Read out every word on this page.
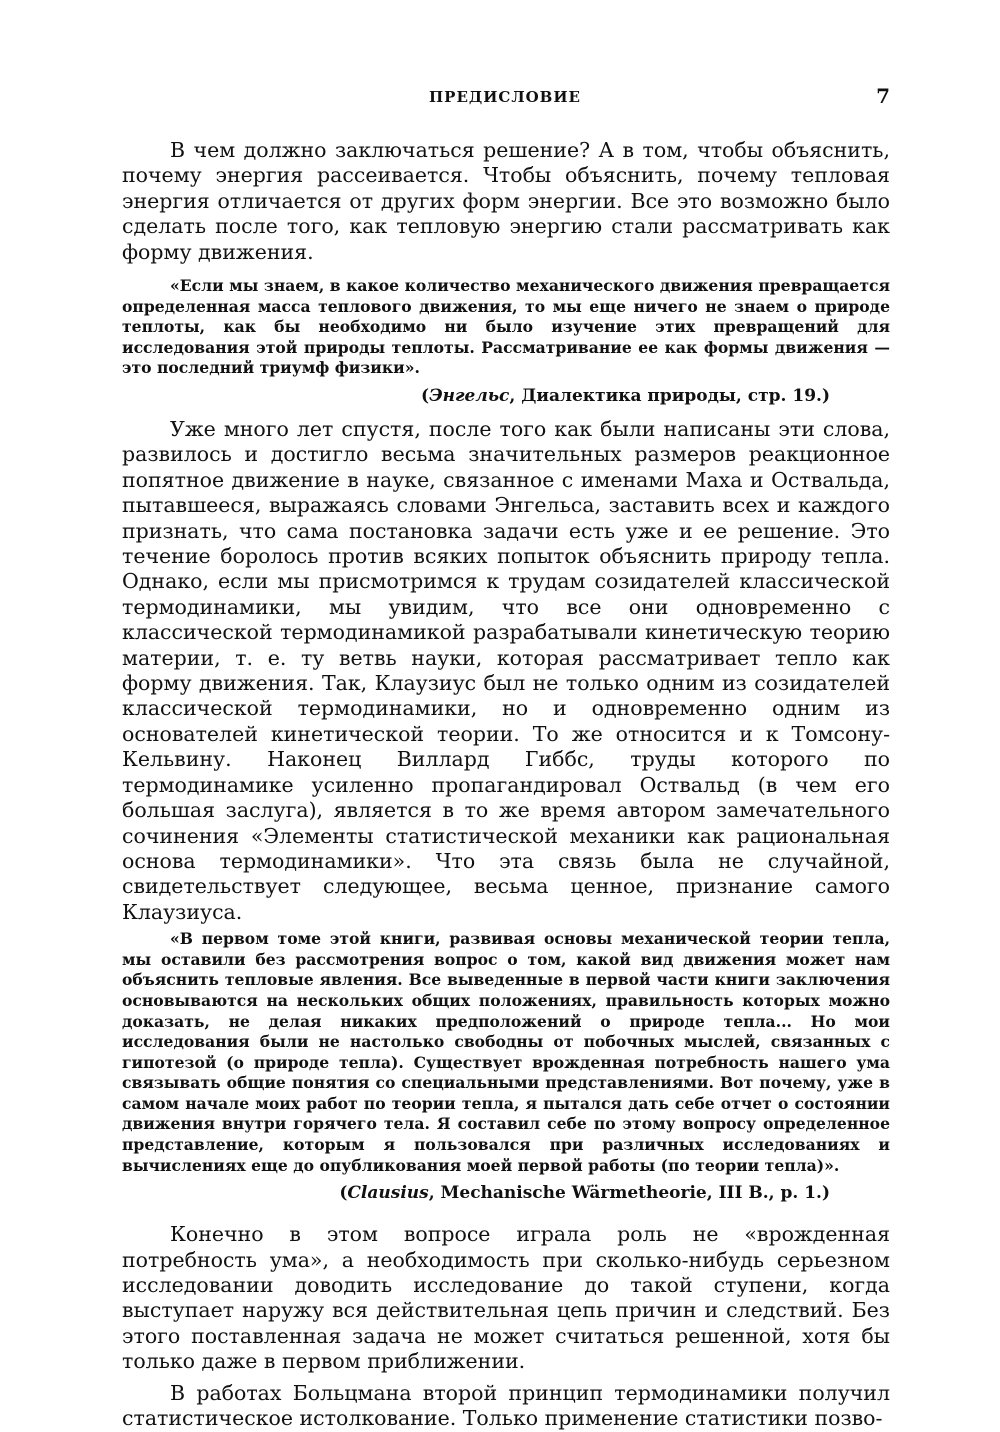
ПРЕДИСЛОВИЕ	7

В чем должно заключаться решение? А в том, чтобы объяснить, почему энергия рассеивается. Чтобы объяснить, почему тепловая энергия отличается от других форм энергии. Все это возможно было сделать после того, как тепловую энергию стали рассматривать как форму движения.

«Если мы знаем, в какое количество механического движения превращается определенная масса теплового движения, то мы еще ничего не знаем о природе теплоты, как бы необходимо ни было изучение этих превращений для исследования этой природы теплоты. Рассматривание ее как формы движения — это последний триумф физики».

(Энгельс, Диалектика природы, стр. 19.)

Уже много лет спустя, после того как были написаны эти слова, развилось и достигло весьма значительных размеров реакционное попятное движение в науке, связанное с именами Маха и Оствальда, пытавшееся, выражаясь словами Энгельса, заставить всех и каждого признать, что сама постановка задачи есть уже и ее решение. Это течение боролось против всяких попыток объяснить природу тепла. Однако, если мы присмотримся к трудам созидателей классической термодинамики, мы увидим, что все они одновременно с классической термодинамикой разрабатывали кинетическую теорию материи, т. е. ту ветвь науки, которая рассматривает тепло как форму движения. Так, Клаузиус был не только одним из созидателей классической термодинамики, но и одновременно одним из основателей кинетической теории. То же относится и к Томсону-Кельвину. Наконец Виллард Гиббс, труды которого по термодинамике усиленно пропагандировал Оствальд (в чем его большая заслуга), является в то же время автором замечательного сочинения «Элементы статистической механики как рациональная основа термодинамики». Что эта связь была не случайной, свидетельствует следующее, весьма ценное, признание самого Клаузиуса.

«В первом томе этой книги, развивая основы механической теории тепла, мы оставили без рассмотрения вопрос о том, какой вид движения может нам объяснить тепловые явления. Все выведенные в первой части книги заключения основываются на нескольких общих положениях, правильность которых можно доказать, не делая никаких предположений о природе тепла... Но мои исследования были не настолько свободны от побочных мыслей, связанных с гипотезой (о природе тепла). Существует врожденная потребность нашего ума связывать общие понятия со специальными представлениями. Вот почему, уже в самом начале моих работ по теории тепла, я пытался дать себе отчет о состоянии движения внутри горячего тела. Я составил себе по этому вопросу определенное представление, которым я пользовался при различных исследованиях и вычислениях еще до опубликования моей первой работы (по теории тепла)».

(Clausius, Mechanische Wärmetheorie, III B., p. 1.)

Конечно в этом вопросе играла роль не «врожденная потребность ума», а необходимость при сколько-нибудь серьезном исследовании доводить исследование до такой ступени, когда выступает наружу вся действительная цепь причин и следствий. Без этого поставленная задача не может считаться решенной, хотя бы только даже в первом приближении.

В работах Больцмана второй принцип термодинамики получил статистическое истолкование. Только применение статистики позво-
